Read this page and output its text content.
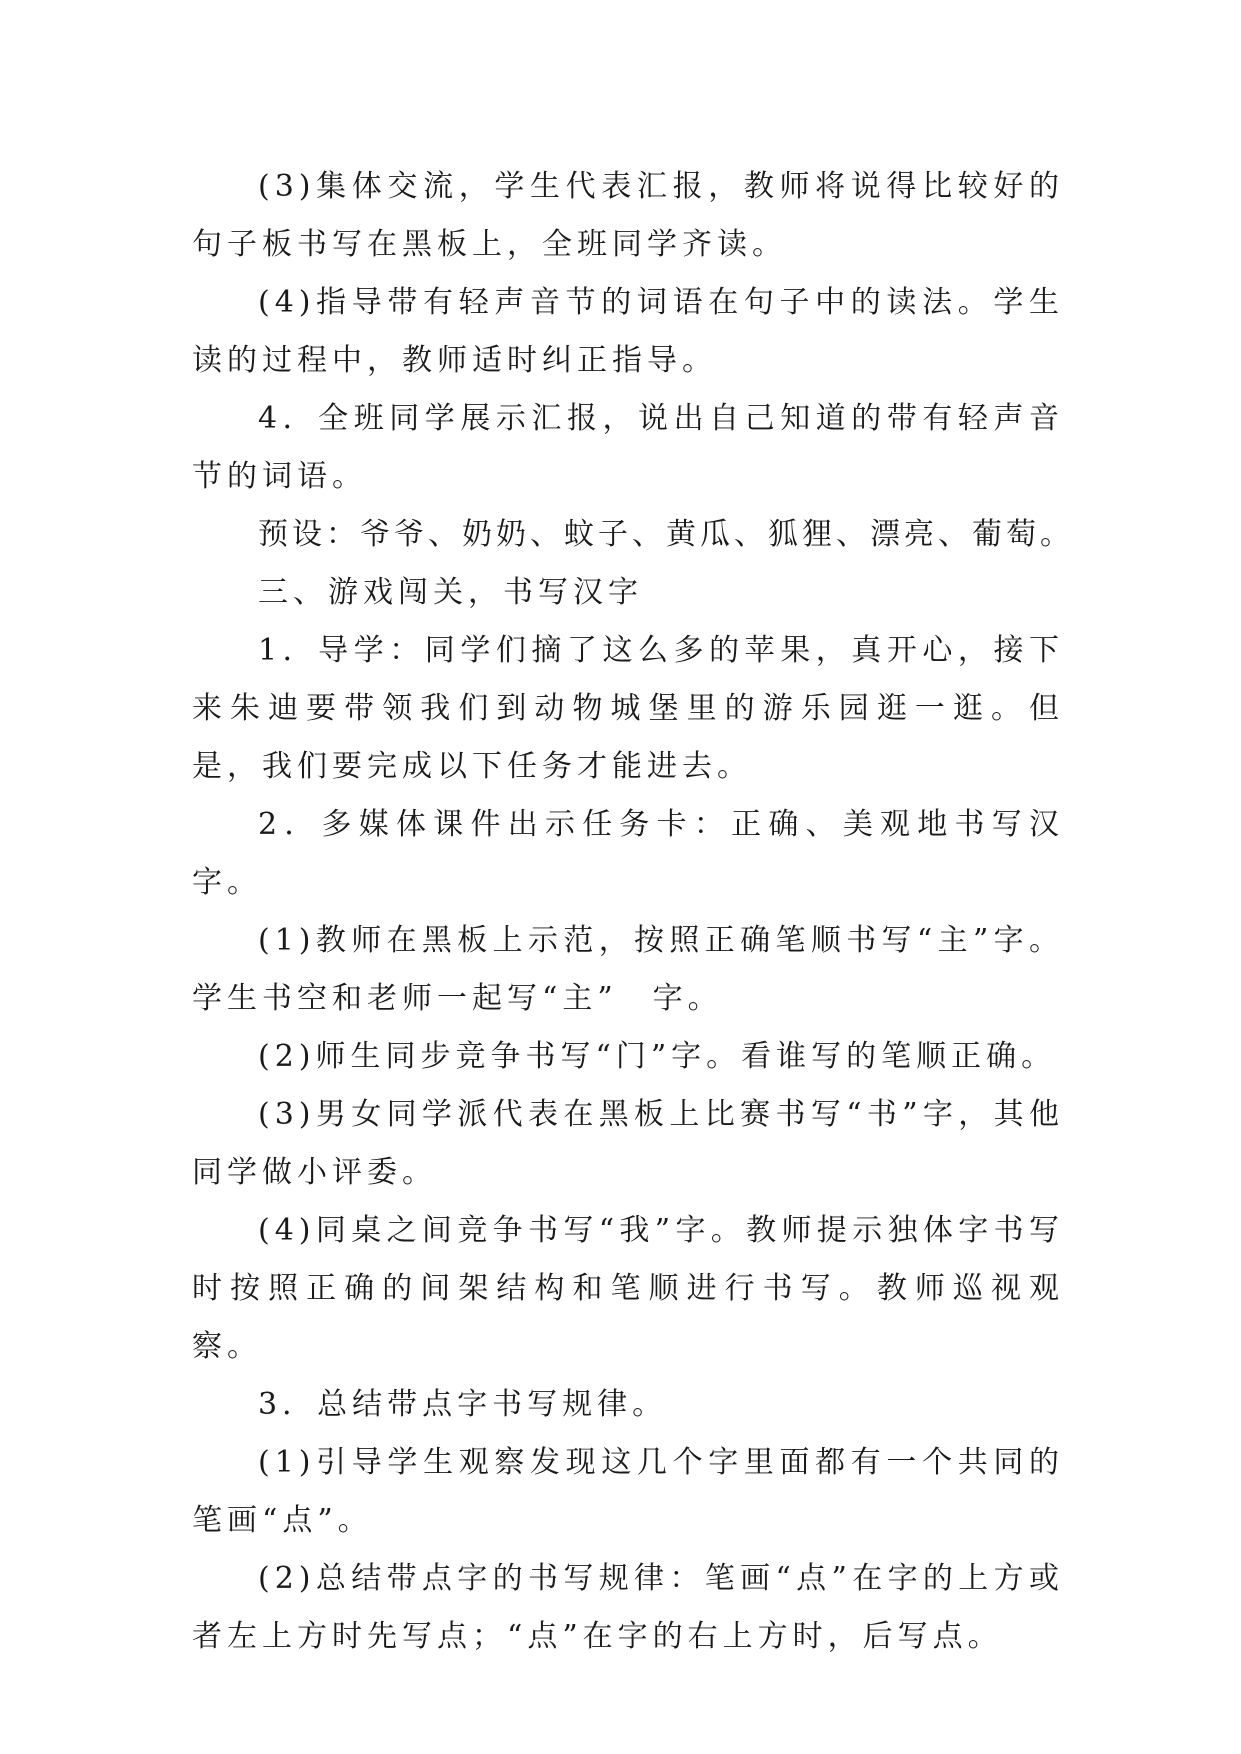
(3)集体交流，学生代表汇报，教师将说得比较好的句子板书写在黑板上，全班同学齐读。

(4)指导带有轻声音节的词语在句子中的读法。学生读的过程中，教师适时纠正指导。

4．全班同学展示汇报，说出自己知道的带有轻声音节的词语。

预设：爷爷、奶奶、蚊子、黄瓜、狐狸、漂亮、葡萄。

三、游戏闯关，书写汉字

1．导学：同学们摘了这么多的苹果，真开心，接下来朱迪要带领我们到动物城堡里的游乐园逛一逛。但是，我们要完成以下任务才能进去。

2．多媒体课件出示任务卡：正确、美观地书写汉字。

(1)教师在黑板上示范，按照正确笔顺书写“主”字。学生书空和老师一起写“主”　字。

(2)师生同步竞争书写“门”字。看谁写的笔顺正确。

(3)男女同学派代表在黑板上比赛书写“书”字，其他同学做小评委。

(4)同桌之间竞争书写“我”字。教师提示独体字书写时按照正确的间架结构和笔顺进行书写。教师巡视观察。

3．总结带点字书写规律。

(1)引导学生观察发现这几个字里面都有一个共同的笔画“点”。

(2)总结带点字的书写规律：笔画“点”在字的上方或者左上方时先写点；“点”在字的右上方时，后写点。
